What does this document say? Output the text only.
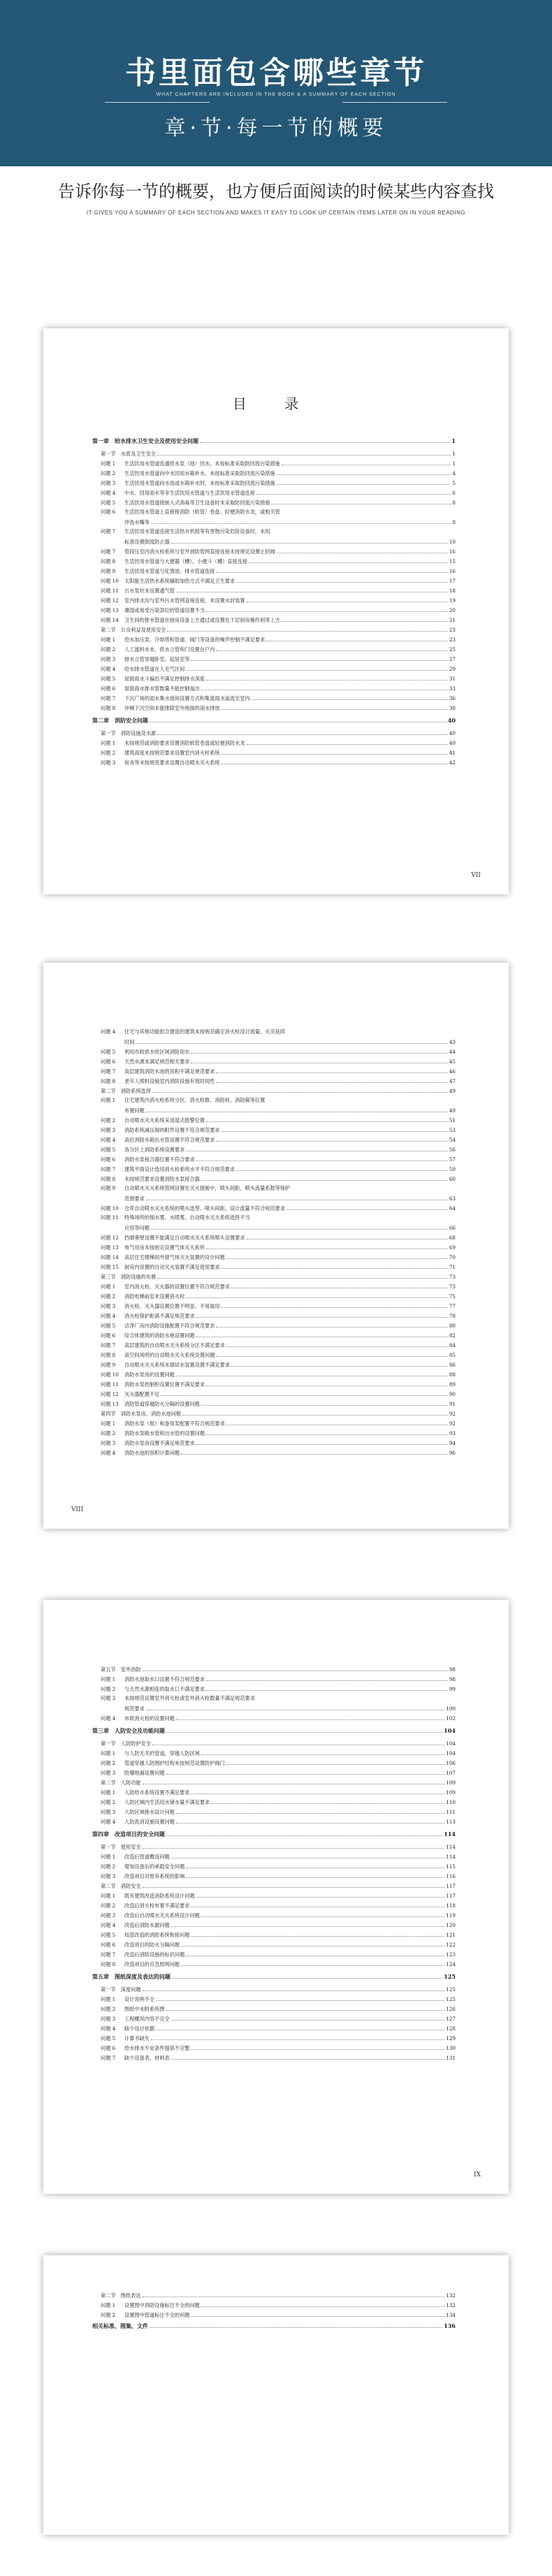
书里面包含哪些章节
WHAT CHAPTERS ARE INCLUDED IN THE BOOK & A SUMMARY OF EACH SECTION
章·节·每一节的概要
告诉你每一节的概要，也方便后面阅读的时候某些内容查找
IT GIVES YOU A SUMMARY OF EACH SECTION AND MAKES IT EASY TO LOOK UP CERTAIN ITEMS LATER ON IN YOUR READING
目 录
第一章　给水排水卫生安全及使用安全问题	1
第一节　水质及卫生安全	1
问题 1 生活饮用水管道连通给水泵（池）回水，未按标准采取防回流污染措施	1
问题 2 生活饮用水管道向中水回用水箱补水，未按标准采取防回流污染措施	4
问题 3 生活饮用水管道向水池或水箱补水时，未按标准采取防回流污染措施	5
问题 4 中水、回用雨水等非生活饮用水管道与生活饮用水管道连接	6
问题 5 生活饮用水管道接嵌入式消毒等卫生设备时未采取防回流污染措施	8
问题 6 生活饮用水管道上直接接消防（软管）卷盘、轻便消防水龙，或相关管
冲洗水嘴等	8
问题 7 生活饮用水管道连接生活热水机组等有害物污染危险设备时，未用
标准设置倒流防止器	10
问题 7 管段压室内消火栓系统与室外消防管网直接连接未按规定设置止回阀	16
问题 8 生活饮用水管道与大便器（槽）、小便斗（槽）直接连接	15
问题 9 生活饮用水管道与化粪池、排水管道连接	16
问题 10 太阳能生活热水系统辅助加热方式不满足卫生要求	17
问题 11 污水泵坑未设置通气管	18
问题 12 室内排水沟与室外污水管网直接连接，未设置水封装置	19
问题 13 潮湿或易受污染部位的管道设置不当	20
问题 14 卫生间的排水管道在厨房设备上方通过或设置在下层厨房操作间等上方	21
第二节　公众利益及使用安全	23
问题 1 给水加压泵、冷却塔和管道、阀门等设备的噪声控制不满足要求	23
问题 2 人工滤料水未、供水立管和门设置在户内	25
问题 3 排水立管穿越卧室、起居室等	27
问题 4 给水排水管道在人毛气区间	29
问题 5 屋面雨水斗偏出不满足控制排水深度	31
问题 6 屋面雨水排水管数量不能控制溢出	33
问题 7 下沉广场的雨水集水池间设置方式和集流雨水溢流至室内	36
问题 8 冲厕下沉空间未能排除室外地面的雨水排放	38
第二章　消防安全问题	40
第一节　消防设施及水源	40
问题 1 未按规范或消防要求设置消防软管卷盘或轻便消防水龙	40
问题 2 建筑高度未按规范要求设置室内消火栓系统	41
问题 3 宿舍等未按规范要求设置自动喷水灭火系统	42
VII
问题 4 住宅与其他功能组合建造的建筑未按规范确定消火栓设计流量、火灾延续
时间	43
问题 5 利用市政供水给区域消防用水	44
问题 6 天然水源未满足规范相关要求	45
问题 7 高层建筑消防水池的容积不满足规范要求	46
问题 8 老年人照料设施室内消防设施有效时间性	47
第二节　消防系统选择	49
问题 1 住宅建筑内消火栓系统分区、消火栓数、消防栓、消防箱等位置
布置问题	49
问题 2 自动喷水灭火系统采用湿式报警位置	51
问题 3 消防系统减压阀的附件设置不符合规范要求	53
问题 4 高位消防水箱出水管设置不符合规范要求	54
问题 5 各分区上消防系统设置要求	56
问题 6 消防水泵接合器位置不符合要求	57
问题 7 建筑平面设计选用消火栓系统水平不符合规范要求	59
问题 8 未按规范要求设置消防水泵接合器	60
问题 9 自动喷水灭火系统管网设置在灭火措施中，喷头间距、喷头流量系数等保护
范围要求	63
问题 10 仓库自动喷水灭火系统的喷头选型、喷头间距、设计流量不符合规范要求	64
问题 11 特殊场所的细水雾、水喷雾、自动喷水灭火系统选择不当
应用等问题	66
问题 12 挡烟垂壁设置不能满足自动喷水灭火系统喷头设置要求	68
问题 13 电气用房未按规定设置气体灭火系统	69
问题 14 高层住宅楼梯间外窗气体灭火装置的设计问题	70
问题 15 厨房内设置的自动灭火装置不满足使用要求	71
第三节　消防设施的布置	73
问题 1 室内消火栓、灭火器的设置位置不符合规范要求	73
问题 2 消防电梯前室未设置消火栓	75
问题 3 消火栓、灭火器设置位置不明显、不易取用	77
问题 4 消火栓保护距离不满足规范要求	78
问题 5 洁净厂房内消防设施配置不符合规范要求	80
问题 6 综合体建筑的消防水炮设置问题	82
问题 7 高层建筑的自动喷水灭火系统分区不满足要求	84
问题 8 高空间场所的自动喷水灭火系统设置问题	85
问题 9 自动喷水灭火系统末端试水装置设置不满足要求	86
问题 10 消防水泵房的设置问题	88
问题 11 消防水泵控制柜设置位置不满足要求	89
问题 12 灭火器配置不足	90
问题 13 消防管道穿越防火分隔的设置问题	91
第四节　消防水泵房、消防水池问题	92
问题 1 消防水泵（组）和备用泵配置不符合规范要求	92
问题 2 消防水泵吸水管和出水管的设置问题	93
问题 3 消防水泵房设置不满足规范要求	94
问题 4 消防水池的容积计算问题	96
VIII
第五节　室外消防	98
问题 1 消防水池取水口设置不符合规范要求	98
问题 2 与天然水源相连的取水口不满足要求	99
问题 3 未按规范设置室外消火栓或室外消火栓数量不满足规范要求
规范要求	100
问题 4 市政消火栓的设置问题	102
第三章　人防安全及功能问题	104
第一节　人防防护安全	104
问题 1 与人防无关的管道，穿越人防区域	104
问题 2 管道穿越人防围护结构未按规范设置防护阀门	106
问题 3 防爆地漏设置问题	107
第二节　人防功能	109
问题 1 人防给水系统设置不满足要求	109
问题 2 人防区域内生活用水储水量不满足要求	110
问题 3 人防区域排水设计问题	111
问题 4 人防洗消设施设置问题	113
第四章　改造项目的安全问题	114
第一节　使用安全	114
问题 1 改造后管道敷设问题	114
问题 2 增加设备后的承载安全问题	115
问题 3 改造项目对原有系统的影响	116
第二节　消防安全	117
问题 1 既有建筑改造消防系统设计问题	117
问题 2 改造后消火栓布置不满足要求	118
问题 3 改造后自动喷水灭火系统设计问题	119
问题 4 改造后消防水源问题	120
问题 5 局部改造的消防系统衔接问题	121
问题 6 改造项目的防火分隔问题	122
问题 7 改造后消防设施的标识问题	123
问题 8 改造项目的应急照明问题	124
第五章　图纸深度及表达的问题	125
第一节　深度问题	125
问题 1 设计说明不全	125
问题 2 图纸中未附系统图	126
问题 3 工程概况内容不完全	127
问题 4 缺少设计依据	128
问题 5 计算书缺失	129
问题 6 给水排水专业条件提供不完整	130
问题 7 缺少设备表、材料表	131
IX
第二节　图纸表达	132
问题 1 设置图中消防设施标注不全的问题	132
问题 2 设置图中管道标注不全的问题	134
相关标准、图集、文件	136
